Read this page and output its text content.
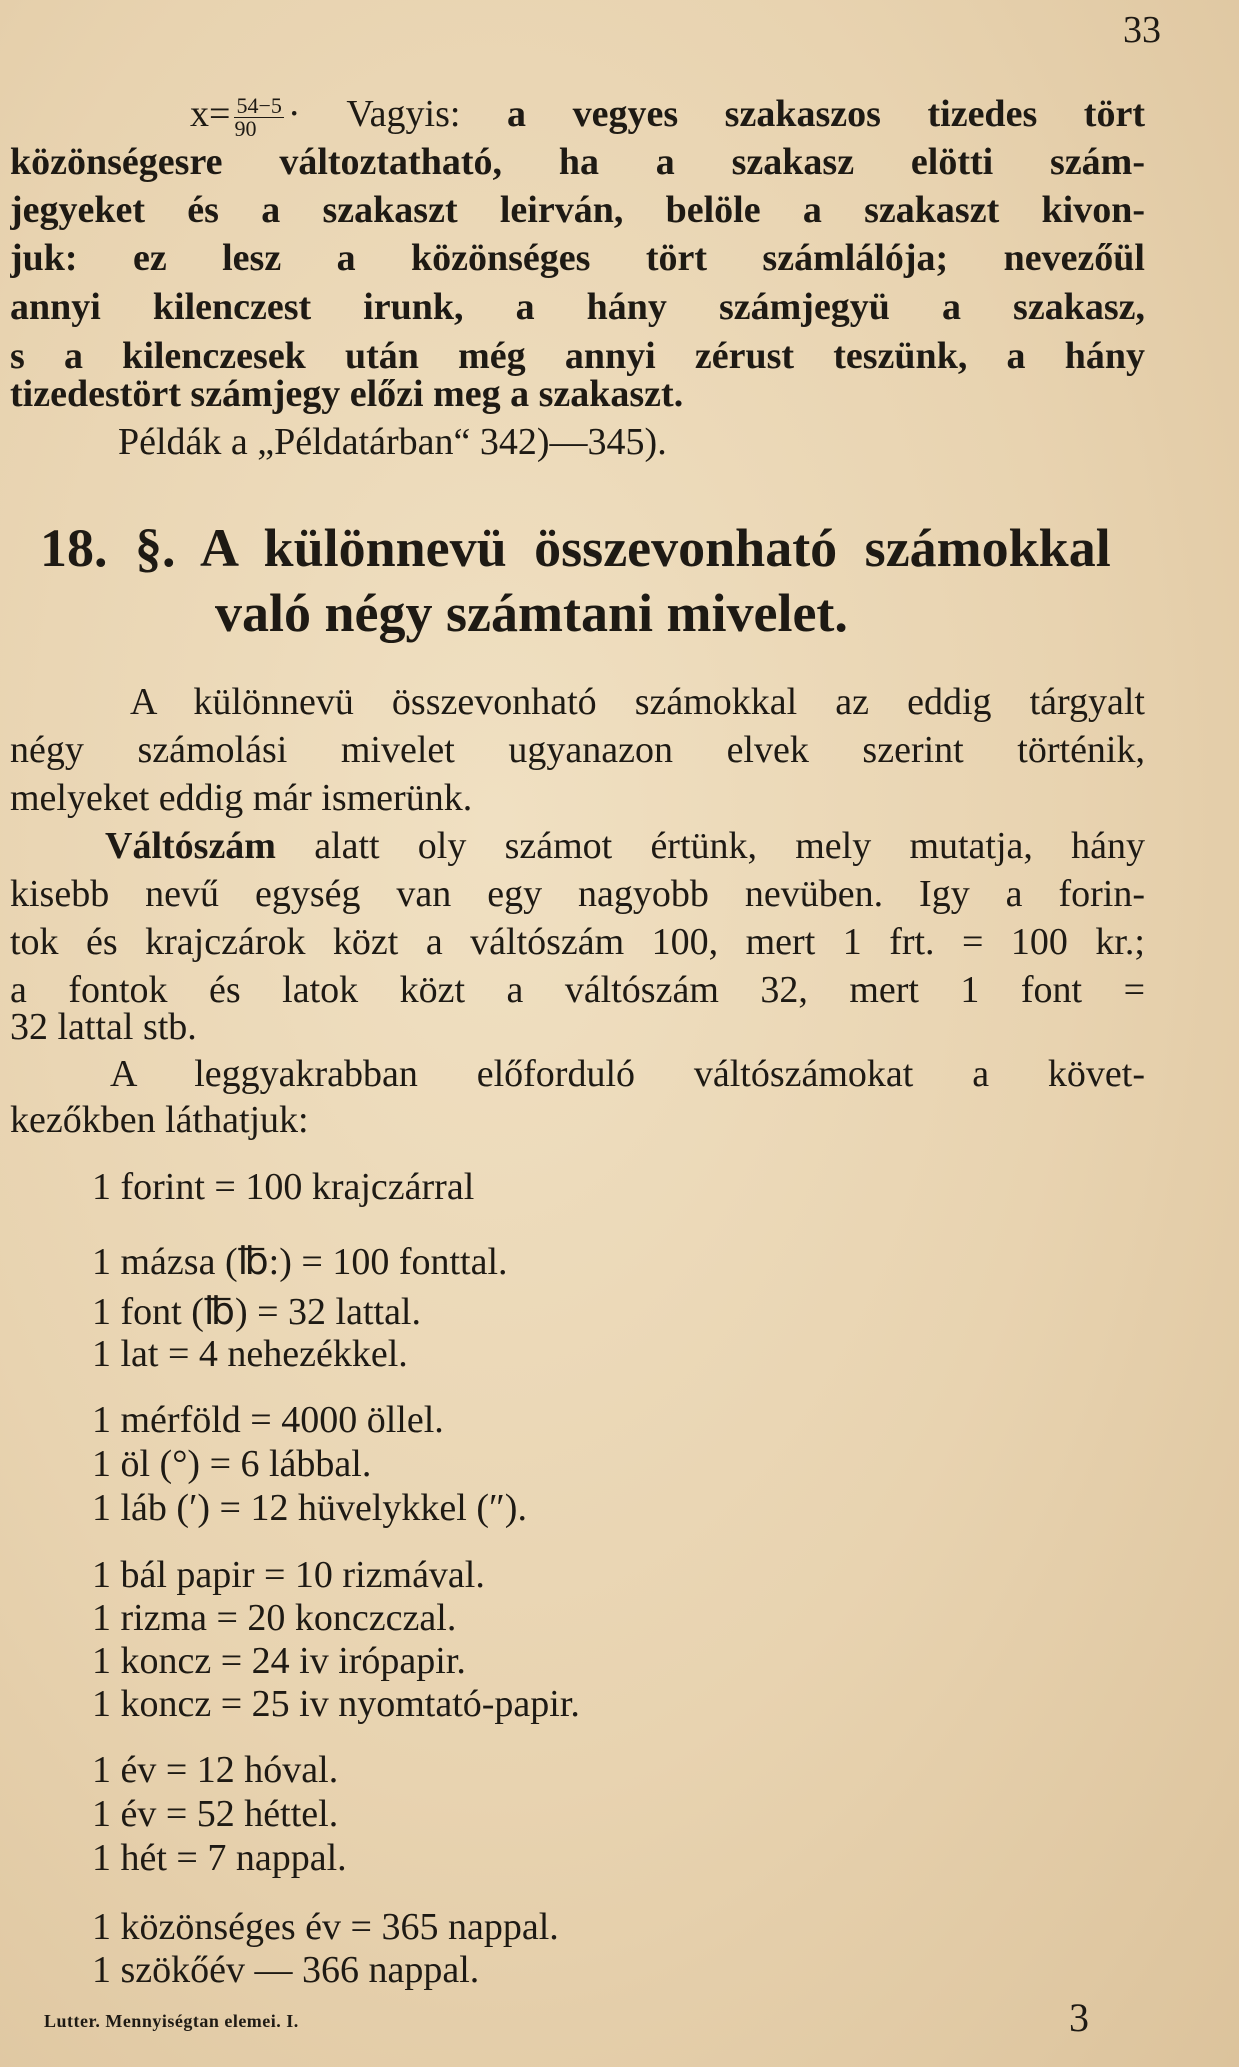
33
$x= \frac{54-5}{90}$ · Vagyis: a vegyes szakaszos tizedes tört
közönségesre változtatható, ha a szakasz elötti szám-
jegyeket és a szakaszt leirván, belöle a szakaszt kivon-
juk: ez lesz a közönséges tört számlálója; nevezőül
annyi kilenczest irunk, a hány számjegyü a szakasz,
s a kilenczesek után még annyi zérust teszünk, a hány
tizedestört számjegy előzi meg a szakaszt.
Példák a „Példatárban“ 342)—345).
18. §. A különnevü összevonható számokkal
való négy számtani mivelet.
A különnevü összevonható számokkal az eddig tárgyalt
négy számolási mivelet ugyanazon elvek szerint történik,
melyeket eddig már ismerünk.
Váltószám alatt oly számot értünk, mely mutatja, hány
kisebb nevű egység van egy nagyobb nevüben. Igy a forin-
tok és krajczárok közt a váltószám 100, mert 1 frt. = 100 kr.;
a fontok és latok közt a váltószám 32, mert 1 font =
32 lattal stb.
A leggyakrabban előforduló váltószámokat a követ-
kezőkben láthatjuk:
1 forint = 100 krajczárral
1 mázsa (℔:) = 100 fonttal.
1 font (℔) = 32 lattal.
1 lat = 4 nehezékkel.
1 mérföld = 4000 öllel.
1 öl (°) = 6 lábbal.
1 láb (′) = 12 hüvelykkel (″).
1 bál papir = 10 rizmával.
1 rizma = 20 konczczal.
1 koncz = 24 iv irópapir.
1 koncz = 25 iv nyomtató-papir.
1 év = 12 hóval.
1 év = 52 héttel.
1 hét = 7 nappal.
1 közönséges év = 365 nappal.
1 szökőév — 366 nappal.
Lutter. Mennyiségtan elemei. I.	3
